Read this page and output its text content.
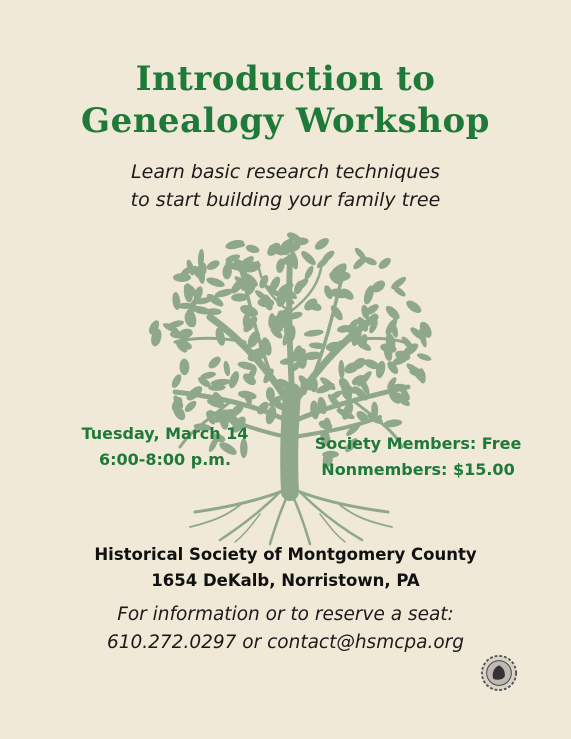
Introduction to
Genealogy Workshop
Learn basic research techniques
to start building your family tree
Tuesday, March 14
6:00-8:00 p.m.
Society Members: Free
Nonmembers: $15.00
Historical Society of Montgomery County
1654 DeKalb, Norristown, PA
For information or to reserve a seat:
610.272.0297 or contact@hsmcpa.org
